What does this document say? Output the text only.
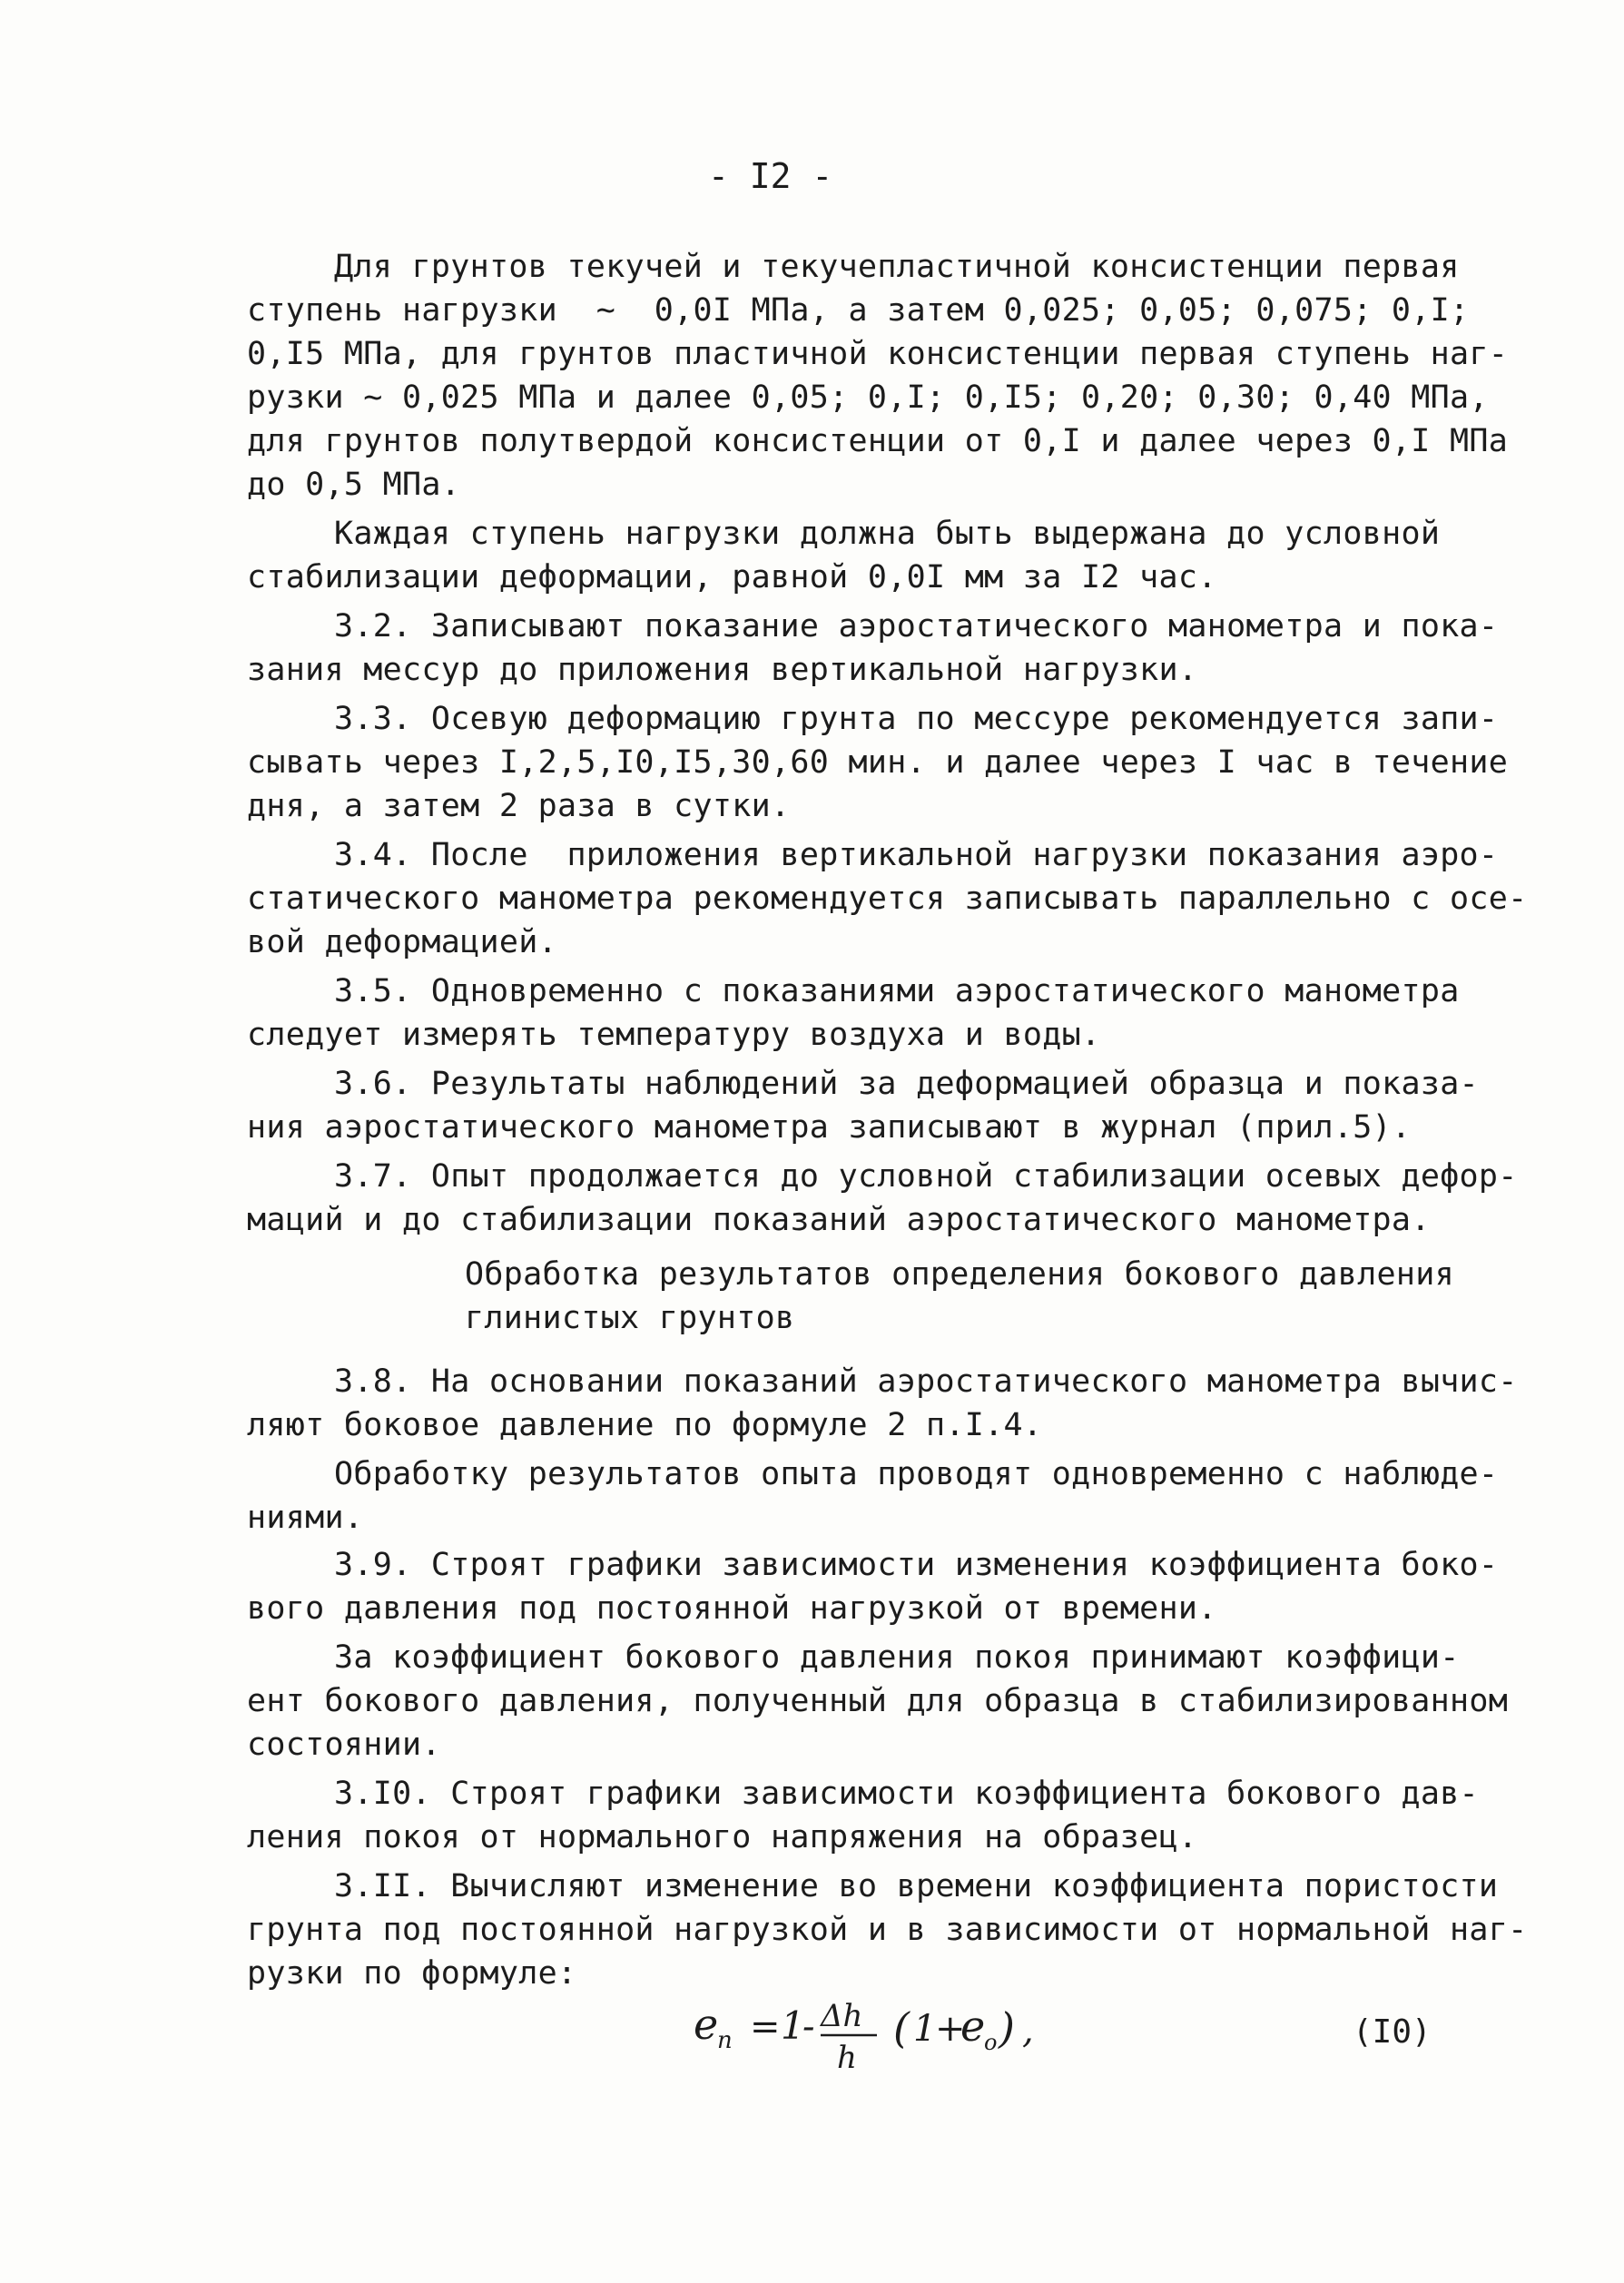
- I2 -
Для грунтов текучей и текучепластичной консистенции первая
ступень нагрузки  ~  0,0I МПа, а затем 0,025; 0,05; 0,075; 0,I;
0,I5 МПа, для грунтов пластичной консистенции первая ступень наг-
рузки ~ 0,025 МПа и далее 0,05; 0,I; 0,I5; 0,20; 0,30; 0,40 МПа,
для грунтов полутвердой консистенции от 0,I и далее через 0,I МПа
до 0,5 МПа.
Каждая ступень нагрузки должна быть выдержана до условной
стабилизации деформации, равной 0,0I мм за I2 час.
3.2. Записывают показание аэростатического манометра и пока-
зания мессур до приложения вертикальной нагрузки.
3.3. Осевую деформацию грунта по мессуре рекомендуется запи-
сывать через I,2,5,I0,I5,30,60 мин. и далее через I час в течение
дня, а затем 2 раза в сутки.
3.4. После  приложения вертикальной нагрузки показания аэро-
статического манометра рекомендуется записывать параллельно с осе-
вой деформацией.
3.5. Одновременно с показаниями аэростатического манометра
следует измерять температуру воздуха и воды.
3.6. Результаты наблюдений за деформацией образца и показа-
ния аэростатического манометра записывают в журнал (прил.5).
3.7. Опыт продолжается до условной стабилизации осевых дефор-
маций и до стабилизации показаний аэростатического манометра.
Обработка результатов определения бокового давления
глинистых грунтов
3.8. На основании показаний аэростатического манометра вычис-
ляют боковое давление по формуле 2 п.I.4.
Обработку результатов опыта проводят одновременно с наблюде-
ниями.
3.9. Строят графики зависимости изменения коэффициента боко-
вого давления под постоянной нагрузкой от времени.
За коэффициент бокового давления покоя принимают коэффици-
ент бокового давления, полученный для образца в стабилизированном
состоянии.
3.I0. Строят графики зависимости коэффициента бокового дав-
ления покоя от нормального напряжения на образец.
3.II. Вычисляют изменение во времени коэффициента пористости
грунта под постоянной нагрузкой и в зависимости от нормальной наг-
рузки по формуле:
e
n = 1
- Δh
h
( 1
+
e
o ) ,	(I0)
